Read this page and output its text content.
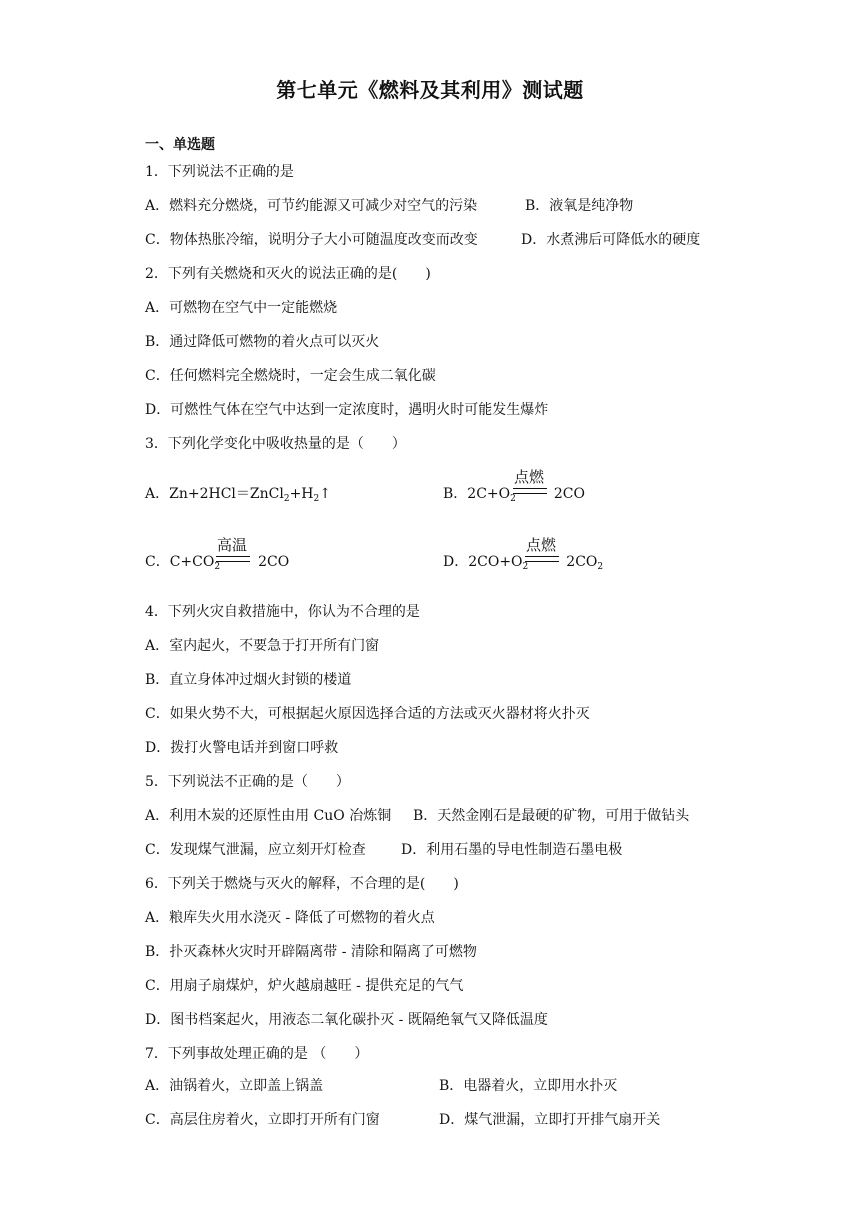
第七单元《燃料及其利用》测试题
一、单选题
1．下列说法不正确的是
A．燃料充分燃烧，可节约能源又可减少对空气的污染	B．液氧是纯净物
C．物体热胀冷缩，说明分子大小可随温度改变而改变	D．水煮沸后可降低水的硬度
2．下列有关燃烧和灭火的说法正确的是(　　)
A．可燃物在空气中一定能燃烧
B．通过降低可燃物的着火点可以灭火
C．任何燃料完全燃烧时，一定会生成二氧化碳
D．可燃性气体在空气中达到一定浓度时，遇明火时可能发生爆炸
3．下列化学变化中吸收热量的是（　　）
A．$Zn+2HCl=ZnCl_2+H_2↑$	B．$2C+O_2$	2CO
点燃
C．$C+CO_2$	2CO
高温
D．$2CO+O_2$	$2CO_2$
点燃
4．下列火灾自救措施中，你认为不合理的是
A．室内起火，不要急于打开所有门窗
B．直立身体冲过烟火封锁的楼道
C．如果火势不大，可根据起火原因选择合适的方法或灭火器材将火扑灭
D．拨打火警电话并到窗口呼救
5．下列说法不正确的是（　　）
A．利用木炭的还原性由用 CuO 冶炼铜 B．天然金刚石是最硬的矿物，可用于做钻头
C．发现煤气泄漏，应立刻开灯检查	D．利用石墨的导电性制造石墨电极
6．下列关于燃烧与灭火的解释，不合理的是(　　)
A．粮库失火用水浇灭 - 降低了可燃物的着火点
B．扑灭森林火灾时开辟隔离带 - 清除和隔离了可燃物
C．用扇子扇煤炉，炉火越扇越旺 - 提供充足的气气
D．图书档案起火，用液态二氧化碳扑灭 - 既隔绝氧气又降低温度
7．下列事故处理正确的是 （　　）
A．油锅着火，立即盖上锅盖	B．电器着火，立即用水扑灭
C．高层住房着火，立即打开所有门窗	D．煤气泄漏，立即打开排气扇开关
